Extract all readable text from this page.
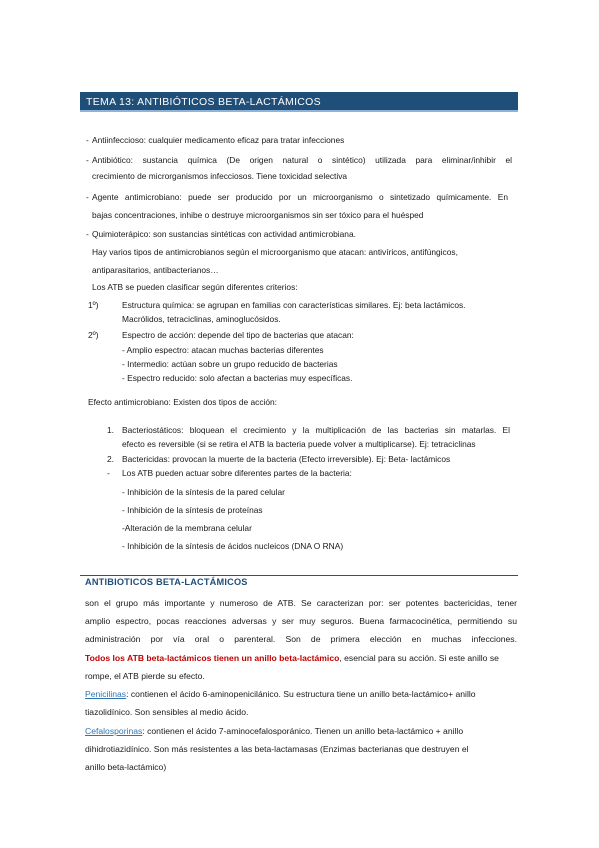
TEMA 13: ANTIBIÓTICOS BETA-LACTÁMICOS
- Antiinfeccioso: cualquier medicamento eficaz para tratar infecciones
- Antibiótico: sustancia química (De origen natural o sintético) utilizada para eliminar/inhibir el
crecimiento de microrganismos infecciosos. Tiene toxicidad selectiva
- Agente antimicrobiano: puede ser producido por un microorganismo o sintetizado químicamente. En
bajas concentraciones, inhibe o destruye microorganismos sin ser tóxico para el huésped
- Quimioterápico: son sustancias sintéticas con actividad antimicrobiana.
Hay varios tipos de antimicrobianos según el microorganismo que atacan: antivíricos, antifúngicos,
antiparasitarios, antibacterianos…
Los ATB se pueden clasificar según diferentes criterios:
1º)	Estructura química: se agrupan en familias con características similares. Ej: beta lactámicos.
Macrólidos, tetraciclinas, aminoglucósidos.
2º)	Espectro de acción: depende del tipo de bacterias que atacan:
- Amplio espectro: atacan muchas bacterias diferentes
- Intermedio: actúan sobre un grupo reducido de bacterias
- Espectro reducido: solo afectan a bacterias muy específicas.
Efecto antimicrobiano: Existen dos tipos de acción:
1. Bacteriostáticos: bloquean el crecimiento y la multiplicación de las bacterias sin matarlas. El
efecto es reversible (si se retira el ATB la bacteria puede volver a multiplicarse). Ej: tetraciclinas
2. Bactericidas: provocan la muerte de la bacteria (Efecto irreversible). Ej: Beta- lactámicos
- Los ATB pueden actuar sobre diferentes partes de la bacteria:
- Inhibición de la síntesis de la pared celular
- Inhibición de la síntesis de proteínas
-Alteración de la membrana celular
- Inhibición de la síntesis de ácidos nucleicos (DNA O RNA)
ANTIBIOTICOS BETA-LACTÁMICOS
son el grupo más importante y numeroso de ATB. Se caracterizan por: ser potentes bactericidas, tener
amplio espectro, pocas reacciones adversas y ser muy seguros. Buena farmacocinética, permitiendo su
administración por vía oral o parenteral. Son de primera elección en muchas infecciones.
Todos los ATB beta-lactámicos tienen un anillo beta-lactámico, esencial para su acción. Si este anillo se
rompe, el ATB pierde su efecto.
Penicilinas: contienen el ácido 6-aminopenicilánico. Su estructura tiene un anillo beta-lactámico+ anillo
tiazolidínico. Son sensibles al medio ácido.
Cefalosporinas: contienen el ácido 7-aminocefalosporánico. Tienen un anillo beta-lactámico + anillo
dihidrotiazidínico. Son más resistentes a las beta-lactamasas (Enzimas bacterianas que destruyen el
anillo beta-lactámico)
